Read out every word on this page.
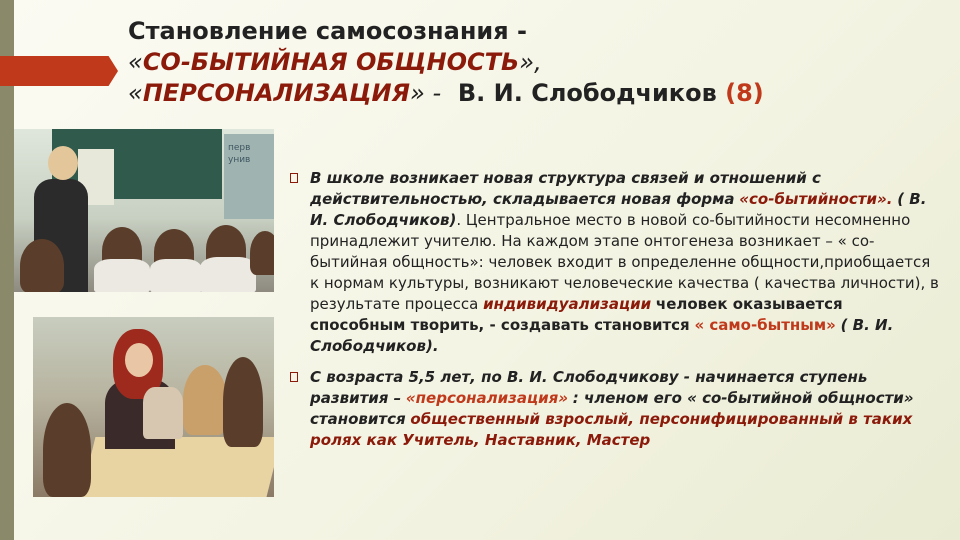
Становление самосознания -
«СО-БЫТИЙНАЯ ОБЩНОСТЬ»,
«ПЕРСОНАЛИЗАЦИЯ» - В. И. Слободчиков (8)
перв
унив
В школе возникает новая структура связей и отношений с действительностью, складывается новая форма «со-бытийности». ( В. И. Слободчиков). Центральное место в новой со-бытийности несомненно принадлежит учителю. На каждом этапе онтогенеза возникает – « со-бытийная общность»: человек входит в определенне общности,приобщается к нормам культуры, возникают человеческие качества ( качества личности), в результате процесса индивидуализации человек оказывается способным творить, - создавать становится « само-бытным» ( В. И. Слободчиков).
С возраста 5,5 лет, по В. И. Слободчикову - начинается ступень развития – «персонализация» : членом его « со-бытийной общности» становится общественный взрослый, персонифицированный в таких ролях как Учитель, Наставник, Мастер
